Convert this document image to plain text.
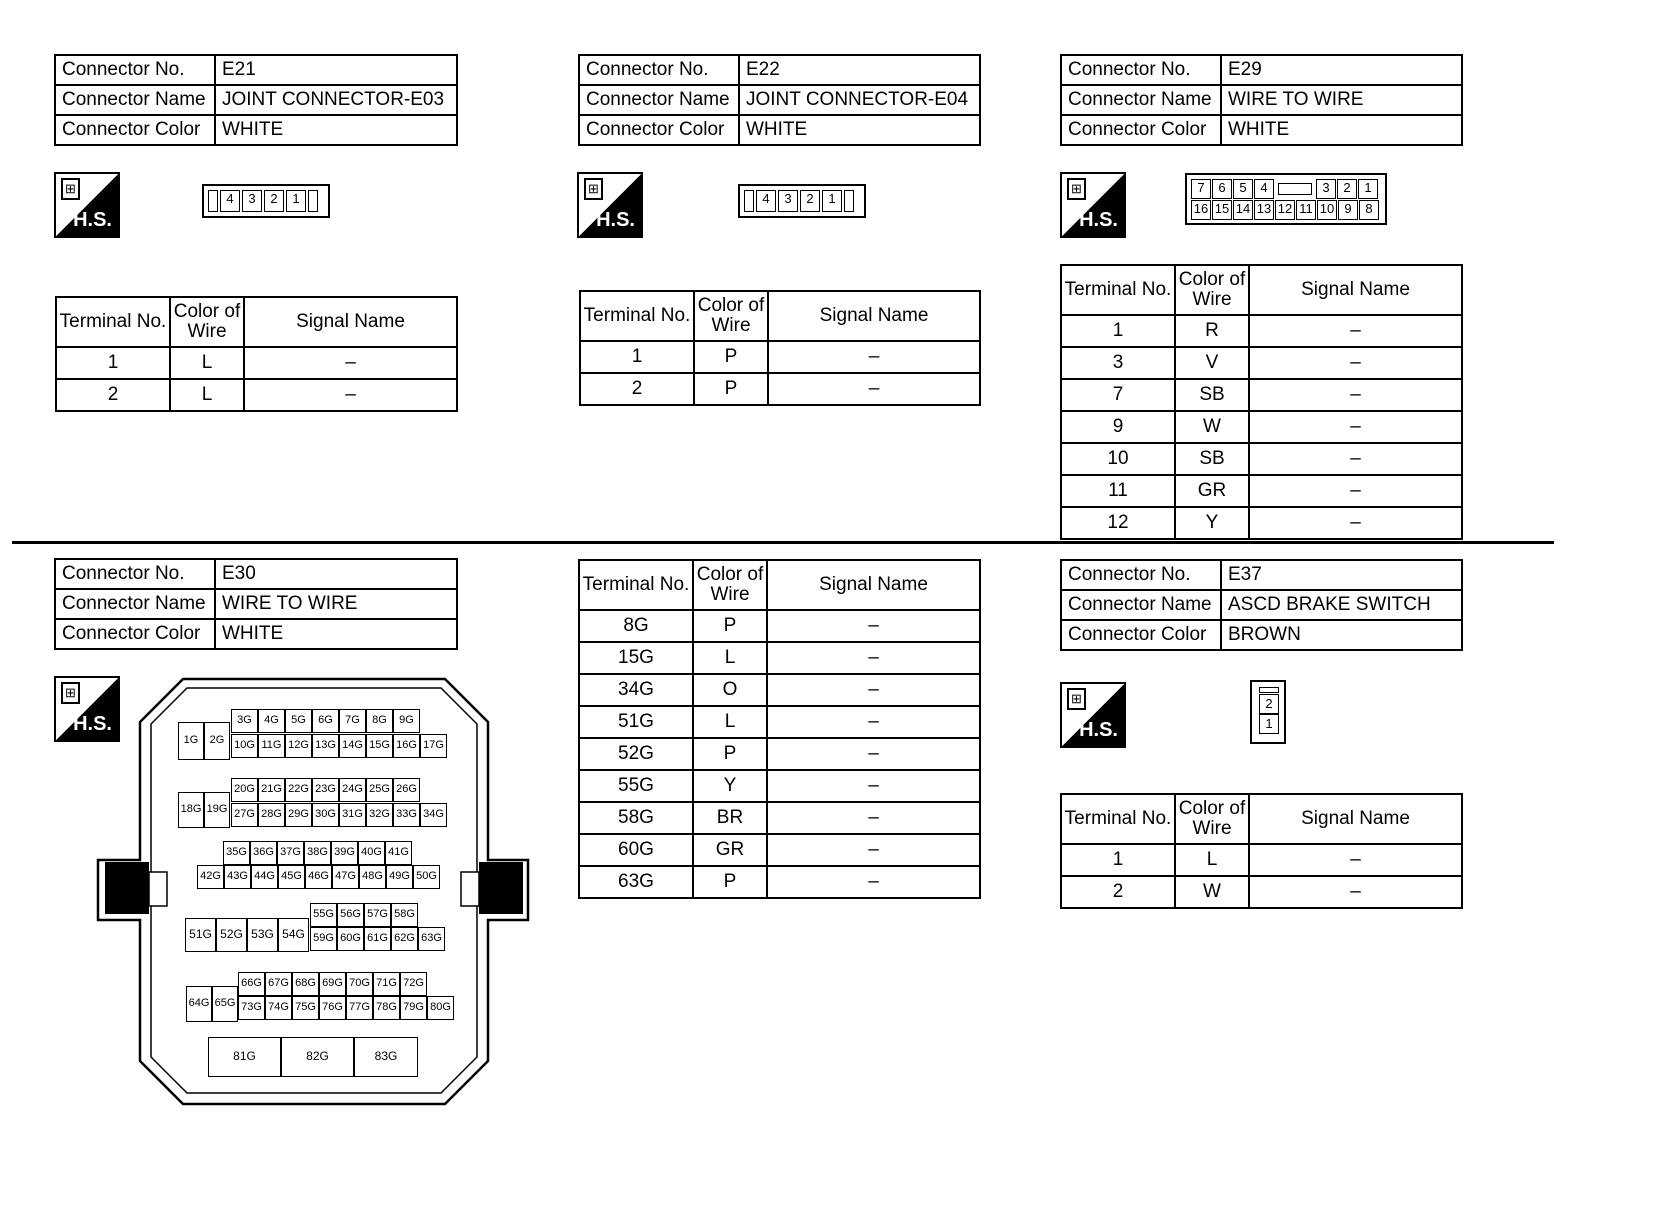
Connector No.	E21
Connector Name	JOINT CONNECTOR-E03
Connector Color	WHITE
⊞
H.S.
4	3	2	1
Terminal No.	Color of Wire	Signal Name
1	L	–
2	L	–
Connector No.	E22
Connector Name	JOINT CONNECTOR-E04
Connector Color	WHITE
⊞
H.S.
4	3	2	1
Terminal No.	Color of Wire	Signal Name
1	P	–
2	P	–
Connector No.	E29
Connector Name	WIRE TO WIRE
Connector Color	WHITE
⊞
H.S.
7	6	5	4	3	2	1
16 15 14 13 12 11 10 9	8
Terminal No.	Color of Wire	Signal Name
1	R	–
3	V	–
7	SB	–
9	W	–
10	SB	–
11	GR	–
12	Y	–
Connector No.	E30
Connector Name	WIRE TO WIRE
Connector Color	WHITE
⊞
H.S.	3G	4G	5G	6G	7G	8G	9G
1G	2G 10G 11G 12G 13G 14G 15G 16G 17G
18G 19G
20G 21G 22G 23G 24G 25G 26G
27G 28G 29G 30G 31G 32G 33G 34G
35G 36G 37G 38G 39G 40G 41G
42G 43G 44G 45G 46G 47G 48G 49G 50G
51G 52G 53G 54G
55G 56G 57G 58G
59G 60G 61G 62G 63G
66G 67G 68G 69G 70G 71G 72G
64G 65G 73G 74G 75G 76G 77G 78G 79G 80G
81G	82G	83G
Terminal No.	Color of Wire	Signal Name
8G	P	–
15G	L	–
34G	O	–
51G	L	–
52G	P	–
55G	Y	–
58G	BR	–
60G	GR	–
63G	P	–
Connector No.	E37
Connector Name	ASCD BRAKE SWITCH
Connector Color	BROWN
⊞
H.S.
2
1
Terminal No.	Color of Wire	Signal Name
1	L	–
2	W	–
